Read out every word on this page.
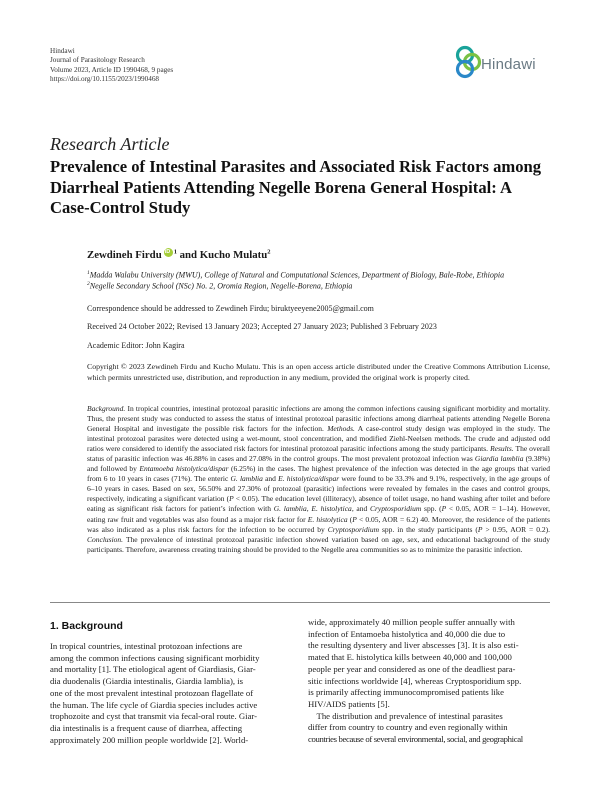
Hindawi
Journal of Parasitology Research
Volume 2023, Article ID 1990468, 9 pages
https://doi.org/10.1155/2023/1990468
Hindawi
Research Article
Prevalence of Intestinal Parasites and Associated Risk Factors among Diarrheal Patients Attending Negelle Borena General Hospital: A Case-Control Study
Zewdineh FirduiD $^1$ and Kucho Mulatu$^2$
$^1$Madda Walabu University (MWU), College of Natural and Computational Sciences, Department of Biology, Bale-Robe, Ethiopia
$^2$Negelle Secondary School (NSc) No. 2, Oromia Region, Negelle-Borena, Ethiopia
Correspondence should be addressed to Zewdineh Firdu; biruktyeeyene2005@gmail.com
Received 24 October 2022; Revised 13 January 2023; Accepted 27 January 2023; Published 3 February 2023
Academic Editor: John Kagira
Copyright © 2023 Zewdineh Firdu and Kucho Mulatu. This is an open access article distributed under the Creative Commons Attribution License, which permits unrestricted use, distribution, and reproduction in any medium, provided the original work is properly cited.
Background. In tropical countries, intestinal protozoal parasitic infections are among the common infections causing significant morbidity and mortality. Thus, the present study was conducted to assess the status of intestinal protozoal parasitic infections among diarrheal patients attending Negelle Borena General Hospital and investigate the possible risk factors for the infection. Methods. A case-control study design was employed in the study. The intestinal protozoal parasites were detected using a wet-mount, stool concentration, and modified Ziehl-Neelsen methods. The crude and adjusted odd ratios were considered to identify the associated risk factors for intestinal protozoal parasitic infections among the study participants. Results. The overall status of parasitic infection was 46.88% in cases and 27.08% in the control groups. The most prevalent protozoal infection was Giardia lamblia (9.38%) and followed by Entamoeba histolytica/dispar (6.25%) in the cases. The highest prevalence of the infection was detected in the age groups that varied from 6 to 10 years in cases (71%). The enteric G. lamblia and E. histolytica/dispar were found to be 33.3% and 9.1%, respectively, in the age groups of 6–10 years in cases. Based on sex, 56.50% and 27.30% of protozoal (parasitic) infections were revealed by females in the cases and control groups, respectively, indicating a significant variation (P < 0.05). The education level (illiteracy), absence of toilet usage, no hand washing after toilet and before eating as significant risk factors for patient’s infection with G. lamblia, E. histolytica, and Cryptosporidium spp. (P < 0.05, AOR = 1–14). However, eating raw fruit and vegetables was also found as a major risk factor for E. histolytica (P < 0.05, AOR = 6.2) 40. Moreover, the residence of the patients was also indicated as a plus risk factors for the infection to be occurred by Cryptosporidium spp. in the study participants (P > 0.95, AOR = 0.2). Conclusion. The prevalence of intestinal protozoal parasitic infection showed variation based on age, sex, and educational background of the study participants. Therefore, awareness creating training should be provided to the Negelle area communities so as to minimize the parasitic infection.
1. Background
In tropical countries, intestinal protozoan infections are
among the common infections causing significant morbidity
and mortality [1]. The etiological agent of Giardiasis, Giar-
dia duodenalis (Giardia intestinalis, Giardia lamblia), is
one of the most prevalent intestinal protozoan flagellate of
the human. The life cycle of Giardia species includes active
trophozoite and cyst that transmit via fecal-oral route. Giar-
dia intestinalis is a frequent cause of diarrhea, affecting
approximately 200 million people worldwide [2]. World-
wide, approximately 40 million people suffer annually with
infection of Entamoeba histolytica and 40,000 die due to
the resulting dysentery and liver abscesses [3]. It is also esti-
mated that E. histolytica kills between 40,000 and 100,000
people per year and considered as one of the deadliest para-
sitic infections worldwide [4], whereas Cryptosporidium spp.
is primarily affecting immunocompromised patients like
HIV/AIDS patients [5].
The distribution and prevalence of intestinal parasites
differ from country to country and even regionally within
countries because of several environmental, social, and geographical
